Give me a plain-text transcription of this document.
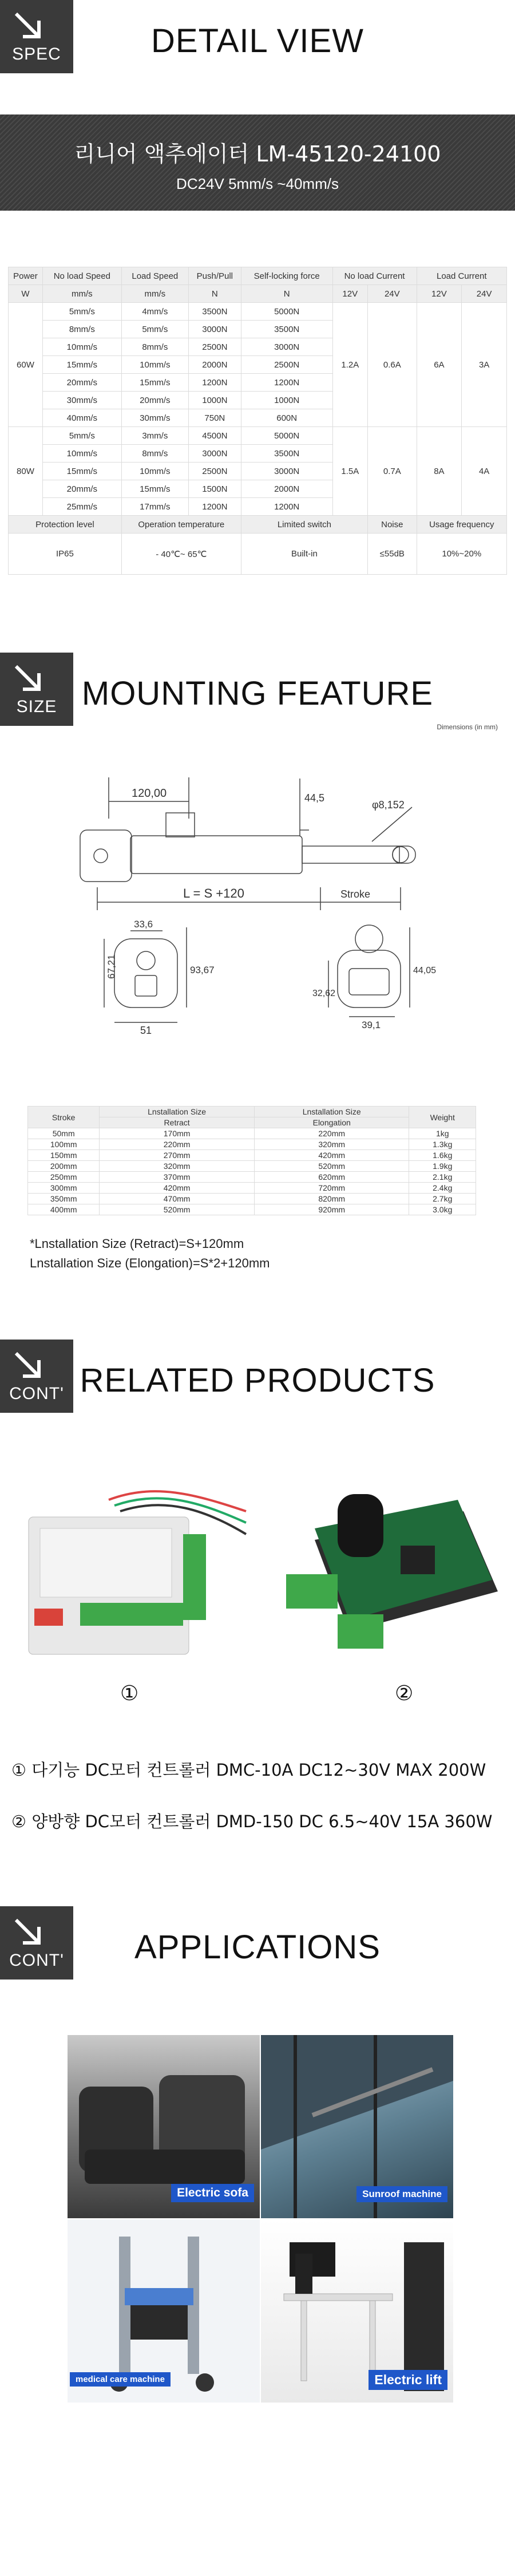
SPEC	DETAIL VIEW
리니어 액추에이터 LM-45120-24100
DC24V 5mm/s ~40mm/s
Power	No load Speed	Load Speed	Push/Pull	Self-locking force	No load Current		Load Current	
W	mm/s	mm/s	N	N	12V	24V	12V	24V
60W	5mm/s	4mm/s	3500N	5000N	1.2A	0.6A	6A	3A
	8mm/s	5mm/s	3000N	3500N				
	10mm/s	8mm/s	2500N	3000N				
	15mm/s	10mm/s	2000N	2500N				
	20mm/s	15mm/s	1200N	1200N				
	30mm/s	20mm/s	1000N	1000N				
	40mm/s	30mm/s	750N	600N				
80W	5mm/s	3mm/s	4500N	5000N	1.5A	0.7A	8A	4A
	10mm/s	8mm/s	3000N	3500N				
	15mm/s	10mm/s	2500N	3000N				
	20mm/s	15mm/s	1500N	2000N				
	25mm/s	17mm/s	1200N	1200N				
Protection level		Operation temperature		Limited switch		Noise	Usage frequency	
IP65		- 40℃~ 65℃		Built-in		≤55dB	10%~20%	
SIZE MOUNTING FEATURE
Dimensions (in mm)
120,00	44,5
φ8,152
L = S +120	Stroke
33,6
67,21	93,67
51
32,62
44,05
39,1
Stroke	Lnstallation Size	Lnstallation Size	Weight
	Retract	Elongation	
50mm	170mm	220mm	1kg
100mm	220mm	320mm	1.3kg
150mm	270mm	420mm	1.6kg
200mm	320mm	520mm	1.9kg
250mm	370mm	620mm	2.1kg
300mm	420mm	720mm	2.4kg
350mm	470mm	820mm	2.7kg
400mm	520mm	920mm	3.0kg
*Lnstallation Size (Retract)=S+120mm
Lnstallation Size (Elongation)=S*2+120mm
CONT' RELATED PRODUCTS
①	②
① 다기능 DC모터 컨트롤러 DMC-10A DC12~30V MAX 200W
② 양방향 DC모터 컨트롤러 DMD-150 DC 6.5~40V 15A 360W
CONT'	APPLICATIONS
Electric sofa	Sunroof machine
medical care machine	Electric lift
